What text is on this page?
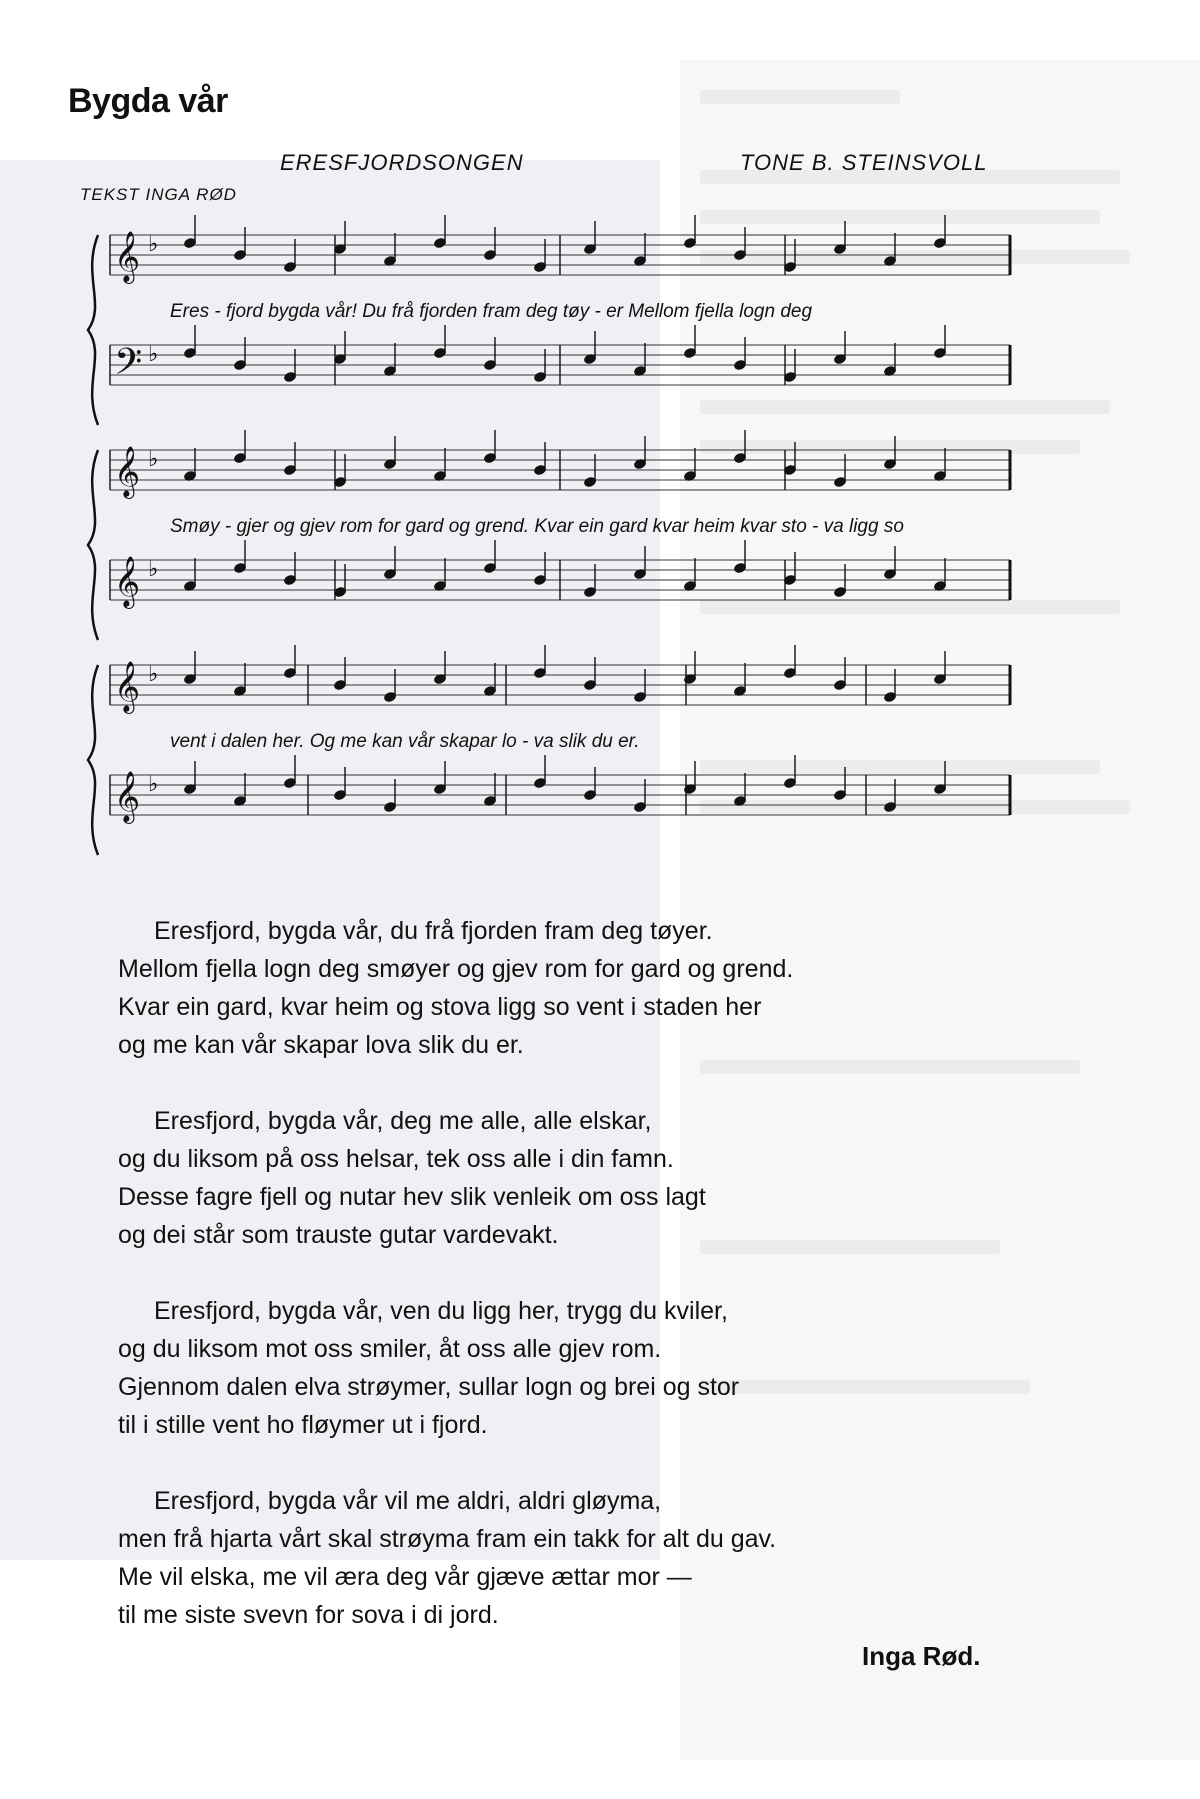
Bygda vår
ERESFJORDSONGEN	TONE B. STEINSVOLL
TEKST INGA RØD
𝄞 ♭
𝄢 ♭
Eres - fjord bygda vår! Du frå fjorden fram deg tøy - er Mellom fjella logn deg
𝄞 ♭
𝄞 ♭
Smøy - gjer og gjev rom for gard og grend. Kvar ein gard kvar heim kvar sto - va ligg so
𝄞 ♭
𝄞 ♭
vent i dalen her. Og me kan vår skapar lo - va slik du er.
Eresfjord, bygda vår, du frå fjorden fram deg tøyer.
Mellom fjella logn deg smøyer og gjev rom for gard og grend.
Kvar ein gard, kvar heim og stova ligg so vent i staden her
og me kan vår skapar lova slik du er.
Eresfjord, bygda vår, deg me alle, alle elskar,
og du liksom på oss helsar, tek oss alle i din famn.
Desse fagre fjell og nutar hev slik venleik om oss lagt
og dei står som trauste gutar vardevakt.
Eresfjord, bygda vår, ven du ligg her, trygg du kviler,
og du liksom mot oss smiler, åt oss alle gjev rom.
Gjennom dalen elva strøymer, sullar logn og brei og stor
til i stille vent ho fløymer ut i fjord.
Eresfjord, bygda vår vil me aldri, aldri gløyma,
men frå hjarta vårt skal strøyma fram ein takk for alt du gav.
Me vil elska, me vil æra deg vår gjæve ættar mor —
til me siste svevn for sova i di jord.
Inga Rød.
